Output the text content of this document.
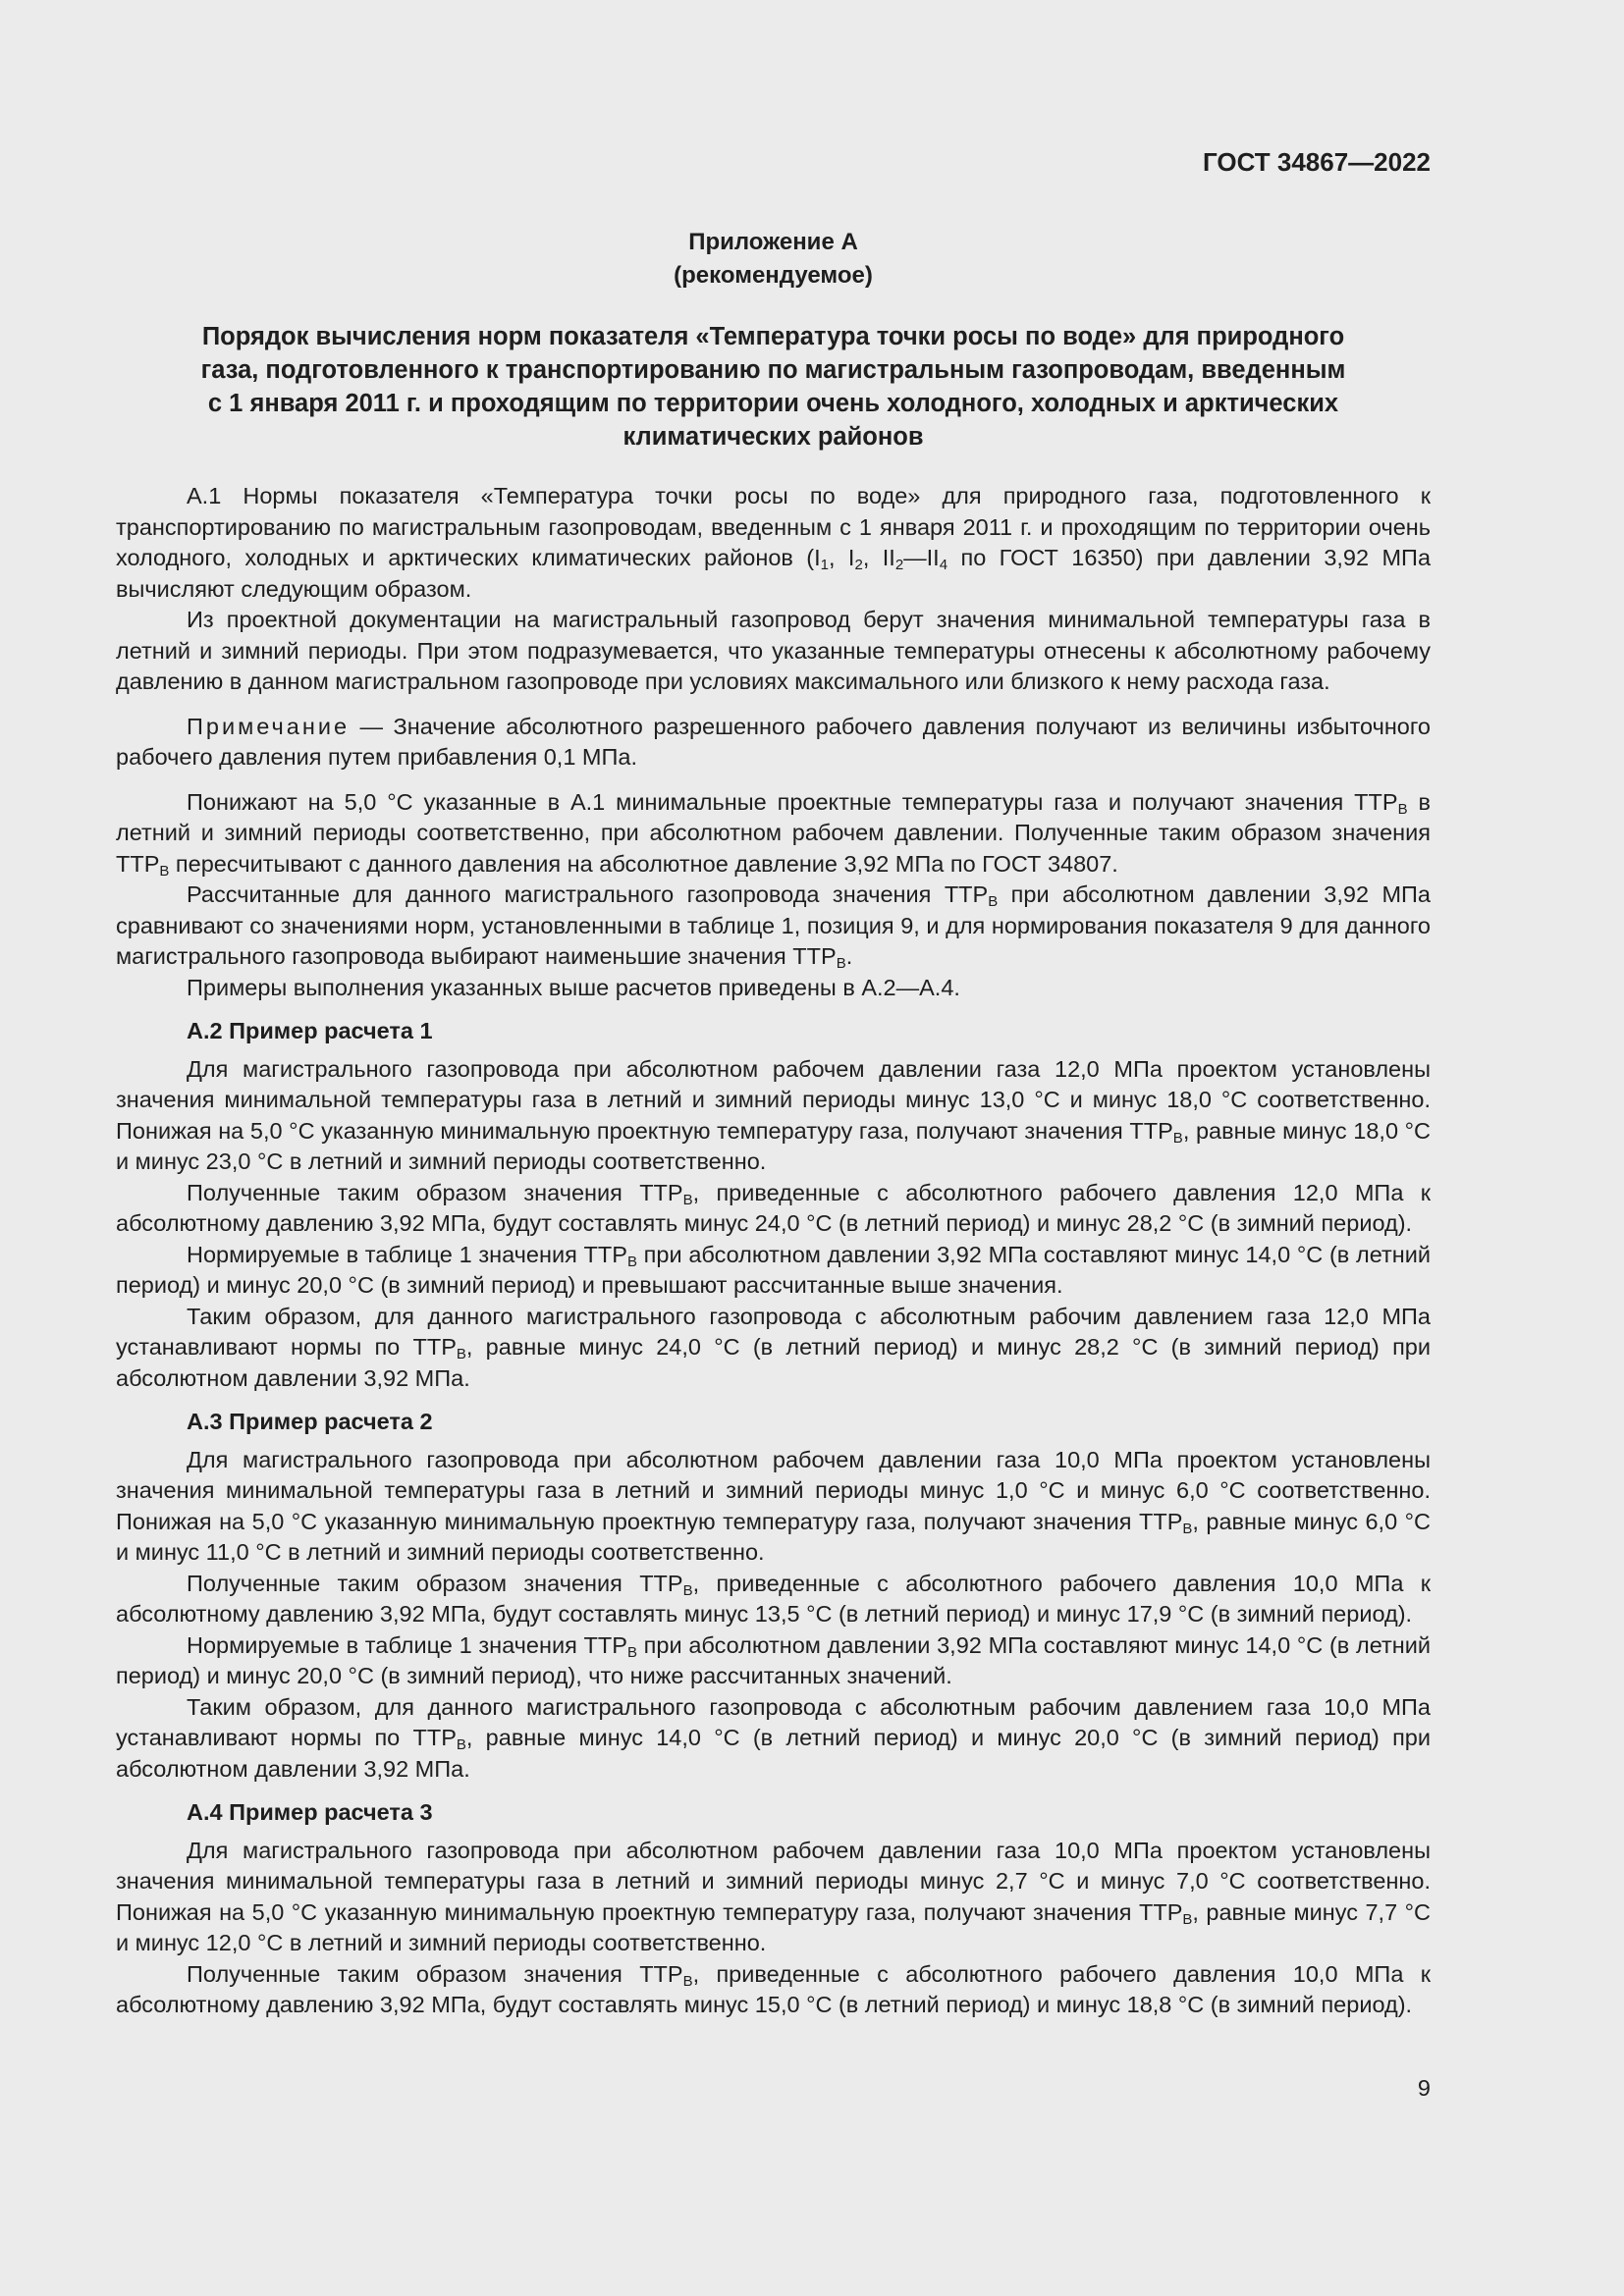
ГОСТ 34867—2022
Приложение А
(рекомендуемое)
Порядок вычисления норм показателя «Температура точки росы по воде» для природного
газа, подготовленного к транспортированию по магистральным газопроводам, введенным
с 1 января 2011 г. и проходящим по территории очень холодного, холодных и арктических
климатических районов

А.1 Нормы показателя «Температура точки росы по воде» для природного газа, подготовленного к транспортированию по магистральным газопроводам, введенным с 1 января 2011 г. и проходящим по территории очень холодного, холодных и арктических климатических районов ($I_1$, $I_2$, $II_2—II_4$ по ГОСТ 16350) при давлении 3,92 МПа вычисляют следующим образом.

Из проектной документации на магистральный газопровод берут значения минимальной температуры газа в летний и зимний периоды. При этом подразумевается, что указанные температуры отнесены к абсолютному рабочему давлению в данном магистральном газопроводе при условиях максимального или близкого к нему расхода газа.

Примечание — Значение абсолютного разрешенного рабочего давления получают из величины избыточного рабочего давления путем прибавления 0,1 МПа.

Понижают на 5,0 °С указанные в А.1 минимальные проектные температуры газа и получают значения $ТТР_В$ в летний и зимний периоды соответственно, при абсолютном рабочем давлении. Полученные таким образом значения $ТТР_В$ пересчитывают с данного давления на абсолютное давление 3,92 МПа по ГОСТ 34807.

Рассчитанные для данного магистрального газопровода значения $ТТР_В$ при абсолютном давлении 3,92 МПа сравнивают со значениями норм, установленными в таблице 1, позиция 9, и для нормирования показателя 9 для данного магистрального газопровода выбирают наименьшие значения $ТТР_В$.

Примеры выполнения указанных выше расчетов приведены в А.2—А.4.

А.2 Пример расчета 1

Для магистрального газопровода при абсолютном рабочем давлении газа 12,0 МПа проектом установлены значения минимальной температуры газа в летний и зимний периоды минус 13,0 °С и минус 18,0 °С соответственно. Понижая на 5,0 °С указанную минимальную проектную температуру газа, получают значения $ТТР_В$, равные минус 18,0 °С и минус 23,0 °С в летний и зимний периоды соответственно.

Полученные таким образом значения $ТТР_В$, приведенные с абсолютного рабочего давления 12,0 МПа к абсолютному давлению 3,92 МПа, будут составлять минус 24,0 °С (в летний период) и минус 28,2 °С (в зимний период).

Нормируемые в таблице 1 значения $ТТР_В$ при абсолютном давлении 3,92 МПа составляют минус 14,0 °С (в летний период) и минус 20,0 °С (в зимний период) и превышают рассчитанные выше значения.

Таким образом, для данного магистрального газопровода с абсолютным рабочим давлением газа 12,0 МПа устанавливают нормы по $ТТР_В$, равные минус 24,0 °С (в летний период) и минус 28,2 °С (в зимний период) при абсолютном давлении 3,92 МПа.

А.3 Пример расчета 2

Для магистрального газопровода при абсолютном рабочем давлении газа 10,0 МПа проектом установлены значения минимальной температуры газа в летний и зимний периоды минус 1,0 °С и минус 6,0 °С соответственно. Понижая на 5,0 °С указанную минимальную проектную температуру газа, получают значения $ТТР_В$, равные минус 6,0 °С и минус 11,0 °С в летний и зимний периоды соответственно.

Полученные таким образом значения $ТТР_В$, приведенные с абсолютного рабочего давления 10,0 МПа к абсолютному давлению 3,92 МПа, будут составлять минус 13,5 °С (в летний период) и минус 17,9 °С (в зимний период).

Нормируемые в таблице 1 значения $ТТР_В$ при абсолютном давлении 3,92 МПа составляют минус 14,0 °С (в летний период) и минус 20,0 °С (в зимний период), что ниже рассчитанных значений.

Таким образом, для данного магистрального газопровода с абсолютным рабочим давлением газа 10,0 МПа устанавливают нормы по $ТТР_В$, равные минус 14,0 °С (в летний период) и минус 20,0 °С (в зимний период) при абсолютном давлении 3,92 МПа.

А.4 Пример расчета 3

Для магистрального газопровода при абсолютном рабочем давлении газа 10,0 МПа проектом установлены значения минимальной температуры газа в летний и зимний периоды минус 2,7 °С и минус 7,0 °С соответственно. Понижая на 5,0 °С указанную минимальную проектную температуру газа, получают значения $ТТР_В$, равные минус 7,7 °С и минус 12,0 °С в летний и зимний периоды соответственно.

Полученные таким образом значения $ТТР_В$, приведенные с абсолютного рабочего давления 10,0 МПа к абсолютному давлению 3,92 МПа, будут составлять минус 15,0 °С (в летний период) и минус 18,8 °С (в зимний период).

9
